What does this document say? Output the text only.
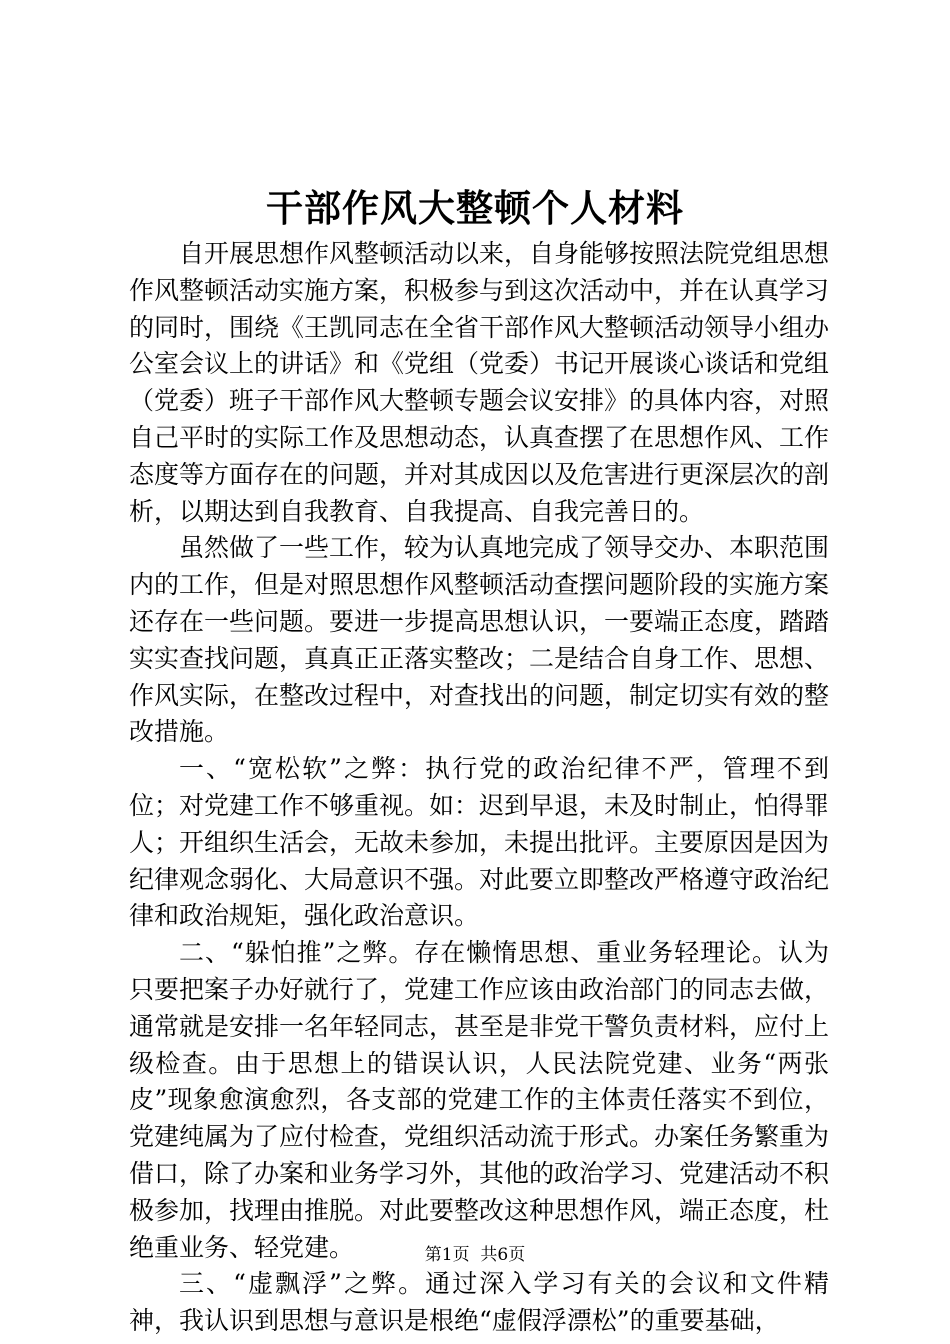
干部作风大整顿个人材料

自开展思想作风整顿活动以来，自身能够按照法院党组思想作风整顿活动实施方案，积极参与到这次活动中，并在认真学习的同时，围绕《王凯同志在全省干部作风大整顿活动领导小组办公室会议上的讲话》和《党组（党委）书记开展谈心谈话和党组（党委）班子干部作风大整顿专题会议安排》的具体内容，对照自己平时的实际工作及思想动态，认真查摆了在思想作风、工作态度等方面存在的问题，并对其成因以及危害进行更深层次的剖析，以期达到自我教育、自我提高、自我完善日的。

虽然做了一些工作，较为认真地完成了领导交办、本职范围内的工作，但是对照思想作风整顿活动查摆问题阶段的实施方案还存在一些问题。要进一步提高思想认识，一要端正态度，踏踏实实查找问题，真真正正落实整改；二是结合自身工作、思想、作风实际，在整改过程中，对查找出的问题，制定切实有效的整改措施。

一、“宽松软”之弊：执行党的政治纪律不严，管理不到位；对党建工作不够重视。如：迟到早退，未及时制止，怕得罪人；开组织生活会，无故未参加，未提出批评。主要原因是因为纪律观念弱化、大局意识不强。对此要立即整改严格遵守政治纪律和政治规矩，强化政治意识。

二、“躲怕推”之弊。存在懒惰思想、重业务轻理论。认为只要把案子办好就行了，党建工作应该由政治部门的同志去做，通常就是安排一名年轻同志，甚至是非党干警负责材料，应付上级检查。由于思想上的错误认识，人民法院党建、业务“两张皮”现象愈演愈烈，各支部的党建工作的主体责任落实不到位，党建纯属为了应付检查，党组织活动流于形式。办案任务繁重为借口，除了办案和业务学习外，其他的政治学习、党建活动不积极参加，找理由推脱。对此要整改这种思想作风，端正态度，杜绝重业务、轻党建。

三、“虚飘浮”之弊。通过深入学习有关的会议和文件精神，我认识到思想与意识是根绝“虚假浮漂松”的重要基础，

第1页 共6页
